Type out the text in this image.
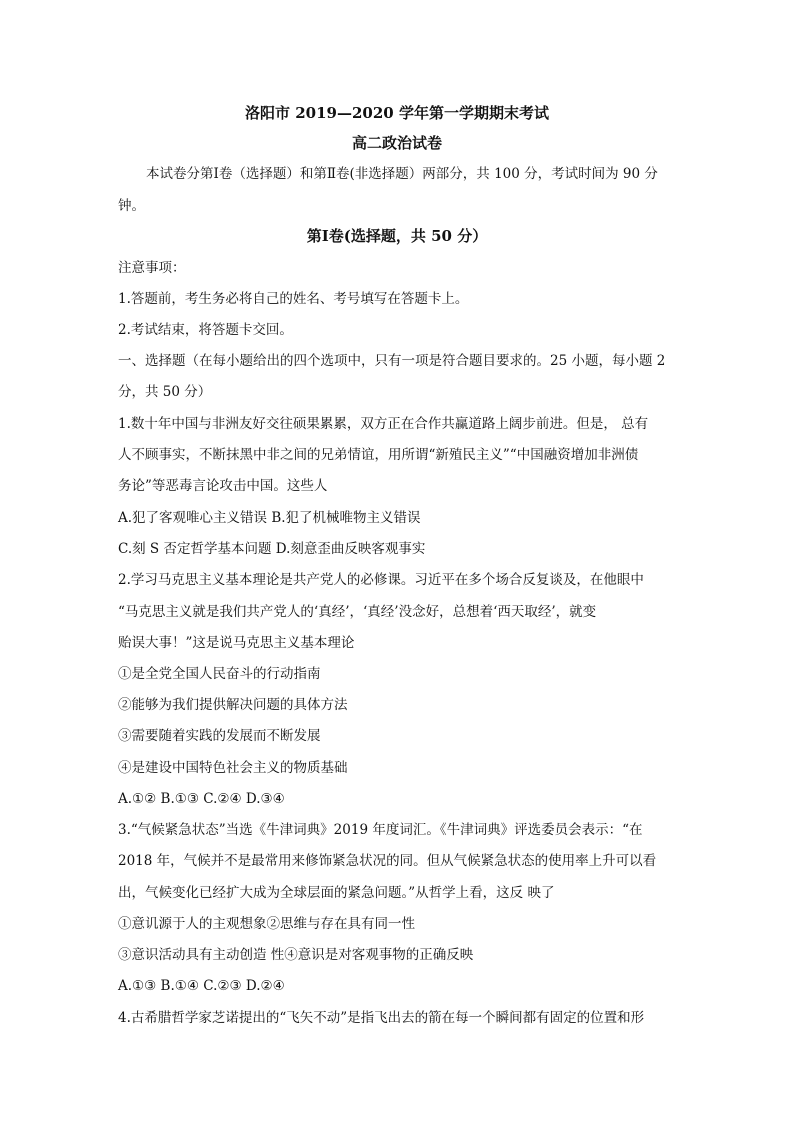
洛阳市 2019—2020 学年第一学期期末考试
高二政治试卷
本试卷分第Ⅰ卷（选择题）和第Ⅱ卷(非选择题）两部分，共 100 分，考试时间为 90 分
钟。
第Ⅰ卷(选择题，共 50 分）
注意事项：
1.答题前，考生务必将自己的姓名、考号填写在答题卡上。
2.考试结束，将答题卡交回。
一、选择题（在每小题给出的四个选项中，只有一项是符合题目要求的。25 小题，每小题 2
分，共 50 分）
1.数十年中国与非洲友好交往硕果累累，双方正在合作共赢道路上阔步前进。但是， 总有
人不顾事实，不断抹黑中非之间的兄弟情谊，用所谓“新殖民主义”“中国融资增加非洲债
务论”等恶毒言论攻击中国。这些人
A.犯了客观唯心主义错误 B.犯了机械唯物主义错误
C.刻 S 否定哲学基本问题 D.刻意歪曲反映客观事实
2.学习马克思主义基本理论是共产党人的必修课。习近平在多个场合反复谈及，在他眼中
“马克思主义就是我们共产党人的‘真经’，‘真经’没念好，总想着‘西天取经’，就变
贻误大事！”这是说马克思主义基本理论
①是全党全国人民奋斗的行动指南
②能够为我们提供解决问题的具体方法
③需要随着实践的发展而不断发展
④是建设中国特色社会主义的物质基础
A.①② B.①③ C.②④ D.③④
3.“气候紧急状态”当选《牛津词典》2019 年度词汇。《牛津词典》评选委员会表示：“在
2018 年，气候并不是最常用来修饰紧急状况的同。但从气候紧急状态的使用率上升可以看
出，气候变化已经扩大成为全球层面的紧急问题。”从哲学上看，这反 映了
①意讥源于人的主观想象②思维与存在具有同一性
③意识活动具有主动创造 性④意识是对客观事物的正确反映
A.①③ B.①④ C.②③ D.②④
4.古希腊哲学家芝诺提出的“飞矢不动”是指飞出去的箭在每一个瞬间都有固定的位置和形
